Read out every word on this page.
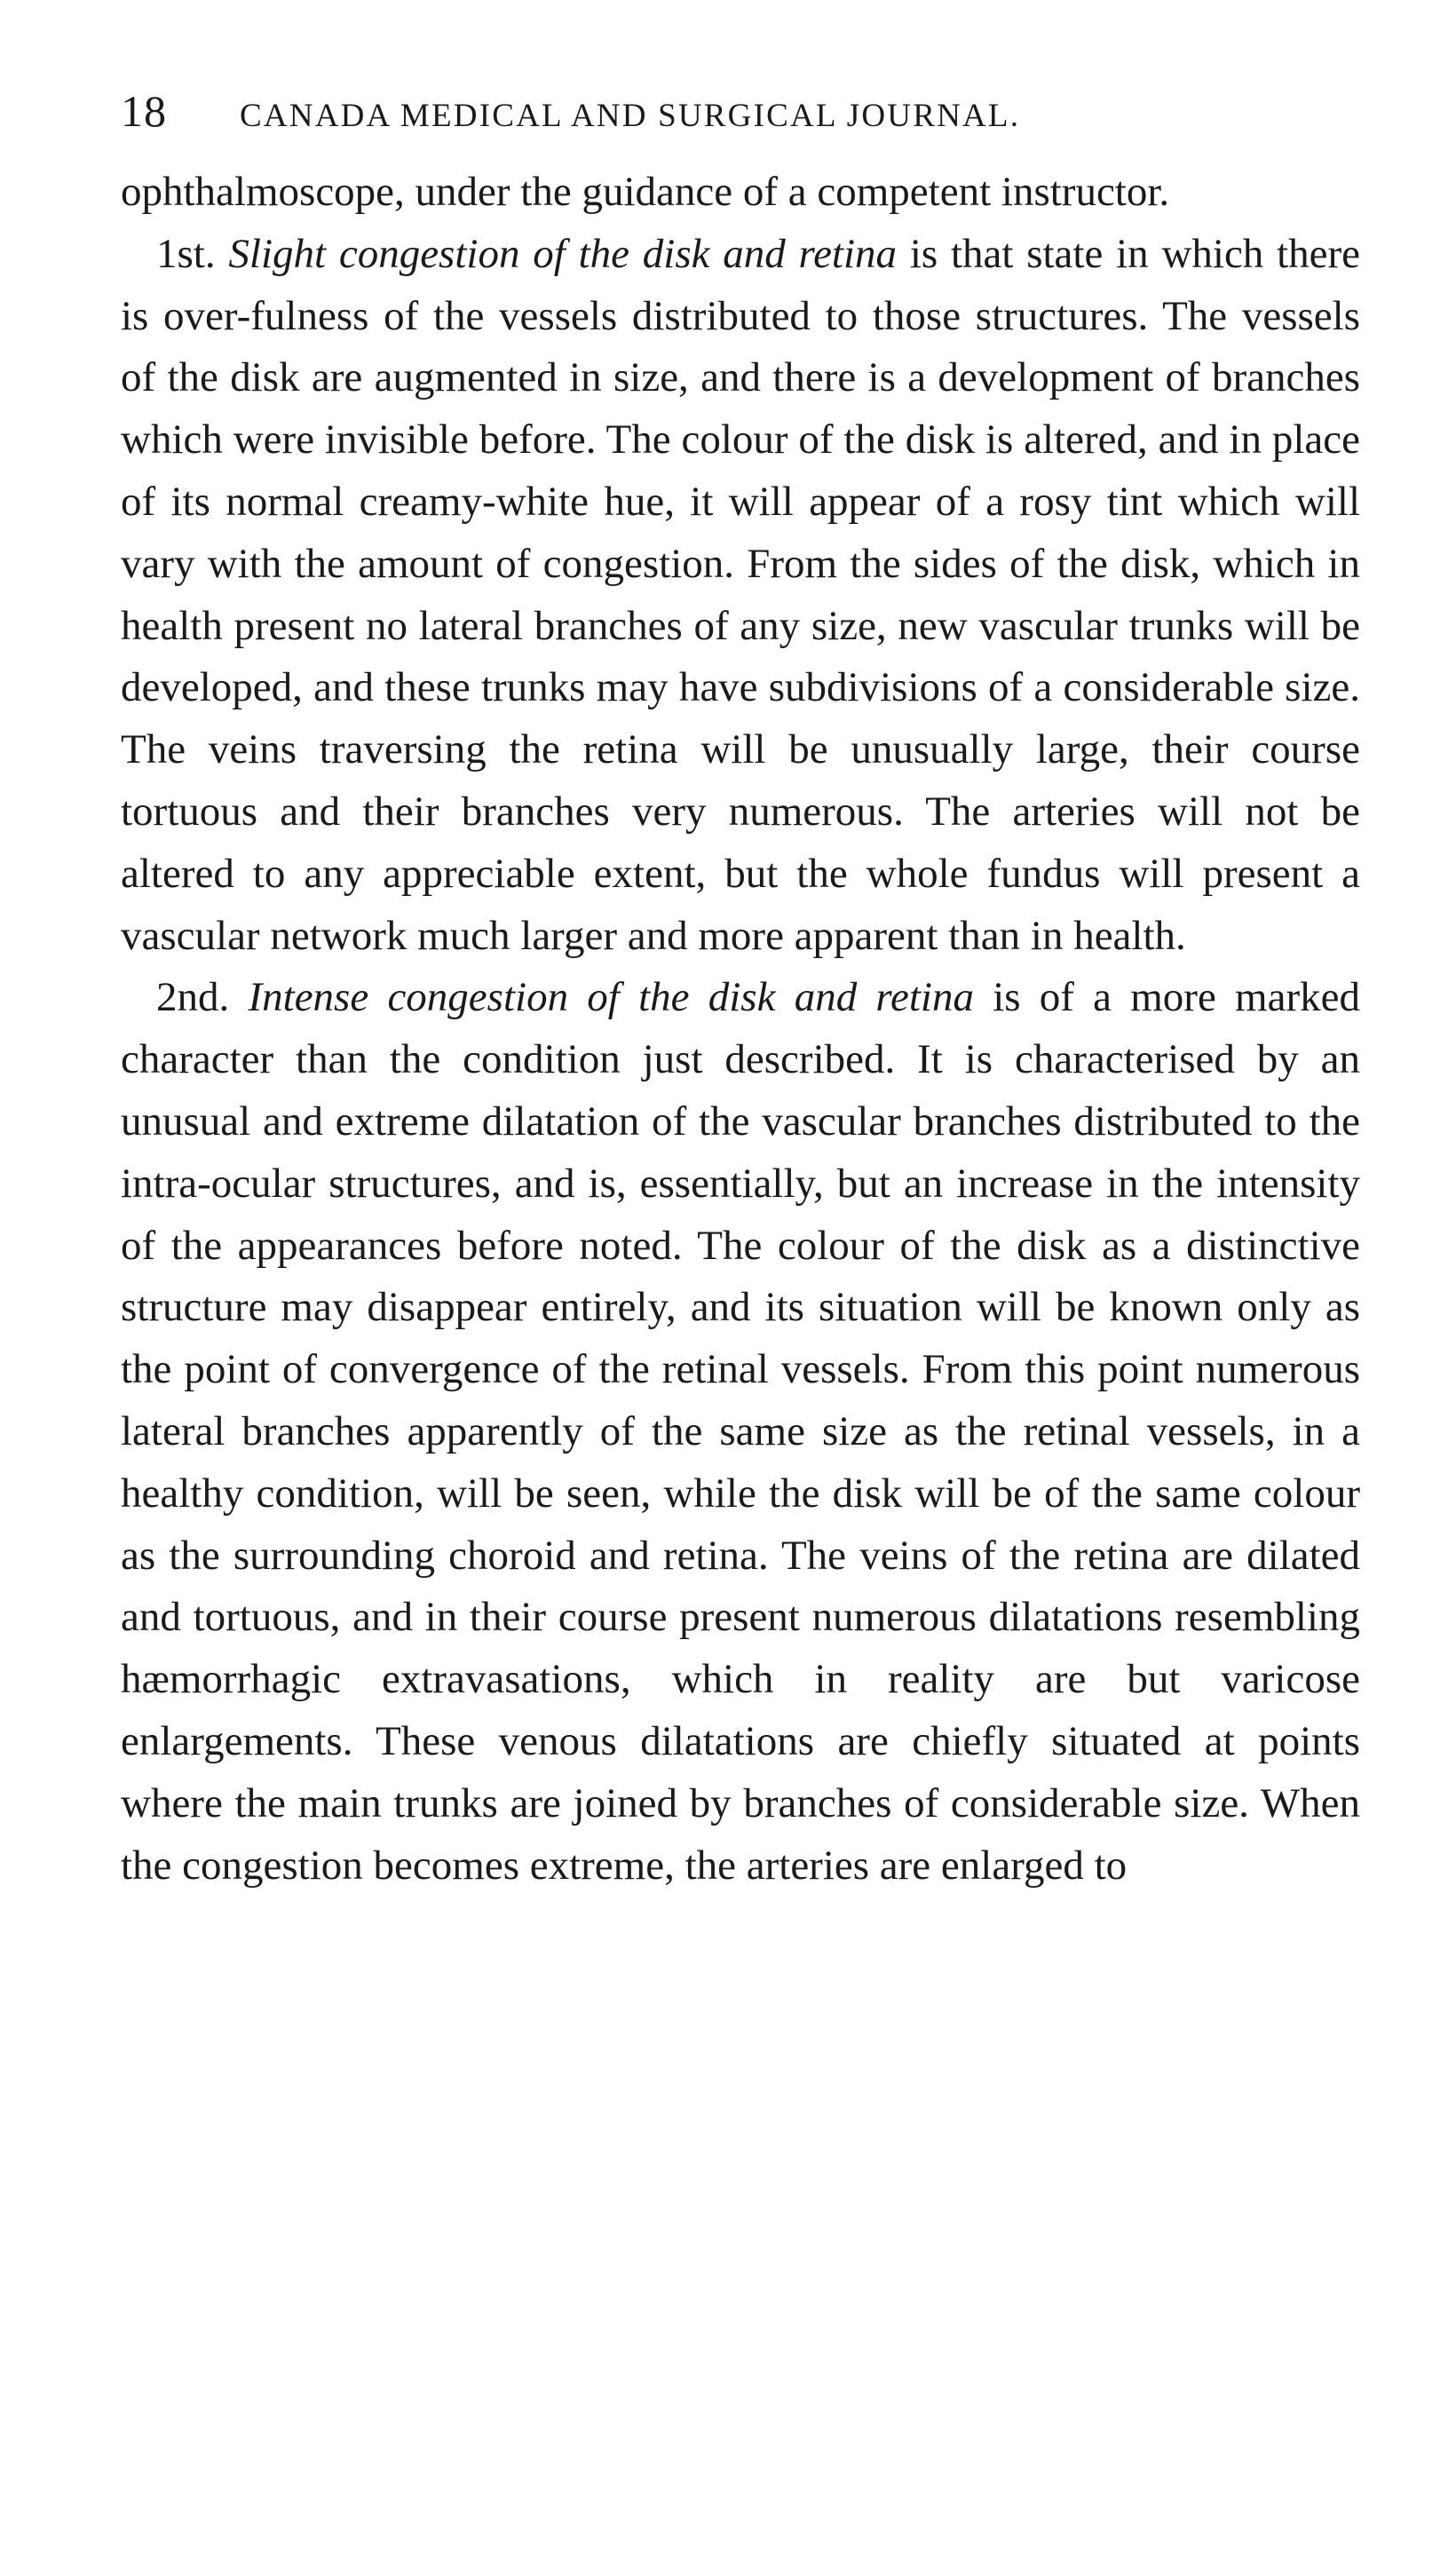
18	CANADA MEDICAL AND SURGICAL JOURNAL.

ophthalmoscope, under the guidance of a competent instructor.

1st. Slight congestion of the disk and retina is that state in which there is over-fulness of the vessels distributed to those structures. The vessels of the disk are augmented in size, and there is a development of branches which were invisible before. The colour of the disk is altered, and in place of its normal creamy-white hue, it will appear of a rosy tint which will vary with the amount of congestion. From the sides of the disk, which in health present no lateral branches of any size, new vascular trunks will be developed, and these trunks may have subdivisions of a considerable size. The veins traversing the retina will be unusually large, their course tortuous and their branches very numerous. The arteries will not be altered to any appreciable extent, but the whole fundus will present a vascular network much larger and more apparent than in health.

2nd. Intense congestion of the disk and retina is of a more marked character than the condition just described. It is characterised by an unusual and extreme dilatation of the vascular branches distributed to the intra-ocular structures, and is, essentially, but an increase in the intensity of the appearances before noted. The colour of the disk as a distinctive structure may disappear entirely, and its situation will be known only as the point of convergence of the retinal vessels. From this point numerous lateral branches apparently of the same size as the retinal vessels, in a healthy condition, will be seen, while the disk will be of the same colour as the surrounding choroid and retina. The veins of the retina are dilated and tortuous, and in their course present numerous dilatations resembling hæmorrhagic extravasations, which in reality are but varicose enlargements. These venous dilatations are chiefly situated at points where the main trunks are joined by branches of considerable size. When the congestion becomes extreme, the arteries are enlarged to
